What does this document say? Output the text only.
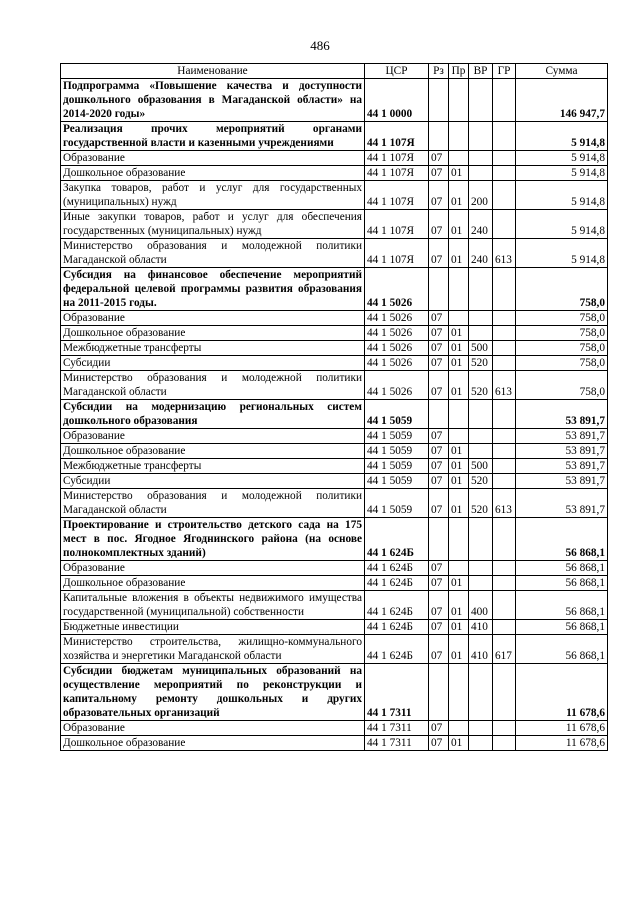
486
Наименование	ЦСР	Рз	Пр	ВР	ГР	Сумма
Подпрограмма «Повышение качества и доступности дошкольного образования в Магаданской области» на 2014-2020 годы»	44 1 0000					146 947,7
Реализация прочих мероприятий органами государственной власти и казенными учреждениями	44 1 107Я					5 914,8
Образование	44 1 107Я	07				5 914,8
Дошкольное образование	44 1 107Я	07	01			5 914,8
Закупка товаров, работ и услуг для государственных (муниципальных) нужд	44 1 107Я	07	01	200		5 914,8
Иные закупки товаров, работ и услуг для обеспечения государственных (муниципальных) нужд	44 1 107Я	07	01	240		5 914,8
Министерство образования и молодежной политики Магаданской области	44 1 107Я	07	01	240	613	5 914,8
Субсидия на финансовое обеспечение мероприятий федеральной целевой программы развития образования на 2011-2015 годы.	44 1 5026					758,0
Образование	44 1 5026	07				758,0
Дошкольное образование	44 1 5026	07	01			758,0
Межбюджетные трансферты	44 1 5026	07	01	500		758,0
Субсидии	44 1 5026	07	01	520		758,0
Министерство образования и молодежной политики Магаданской области	44 1 5026	07	01	520	613	758,0
Субсидии на модернизацию региональных систем дошкольного образования	44 1 5059					53 891,7
Образование	44 1 5059	07				53 891,7
Дошкольное образование	44 1 5059	07	01			53 891,7
Межбюджетные трансферты	44 1 5059	07	01	500		53 891,7
Субсидии	44 1 5059	07	01	520		53 891,7
Министерство образования и молодежной политики Магаданской области	44 1 5059	07	01	520	613	53 891,7
Проектирование и строительство детского сада на 175 мест в пос. Ягодное Ягоднинского района (на основе полнокомплектных зданий)	44 1 624Б					56 868,1
Образование	44 1 624Б	07				56 868,1
Дошкольное образование	44 1 624Б	07	01			56 868,1
Капитальные вложения в объекты недвижимого имущества государственной (муниципальной) собственности	44 1 624Б	07	01	400		56 868,1
Бюджетные инвестиции	44 1 624Б	07	01	410		56 868,1
Министерство строительства, жилищно-коммунального хозяйства и энергетики Магаданской области	44 1 624Б	07	01	410	617	56 868,1
Субсидии бюджетам муниципальных образований на осуществление мероприятий по реконструкции и капитальному ремонту дошкольных и других образовательных организаций	44 1 7311					11 678,6
Образование	44 1 7311	07				11 678,6
Дошкольное образование	44 1 7311	07	01			11 678,6
